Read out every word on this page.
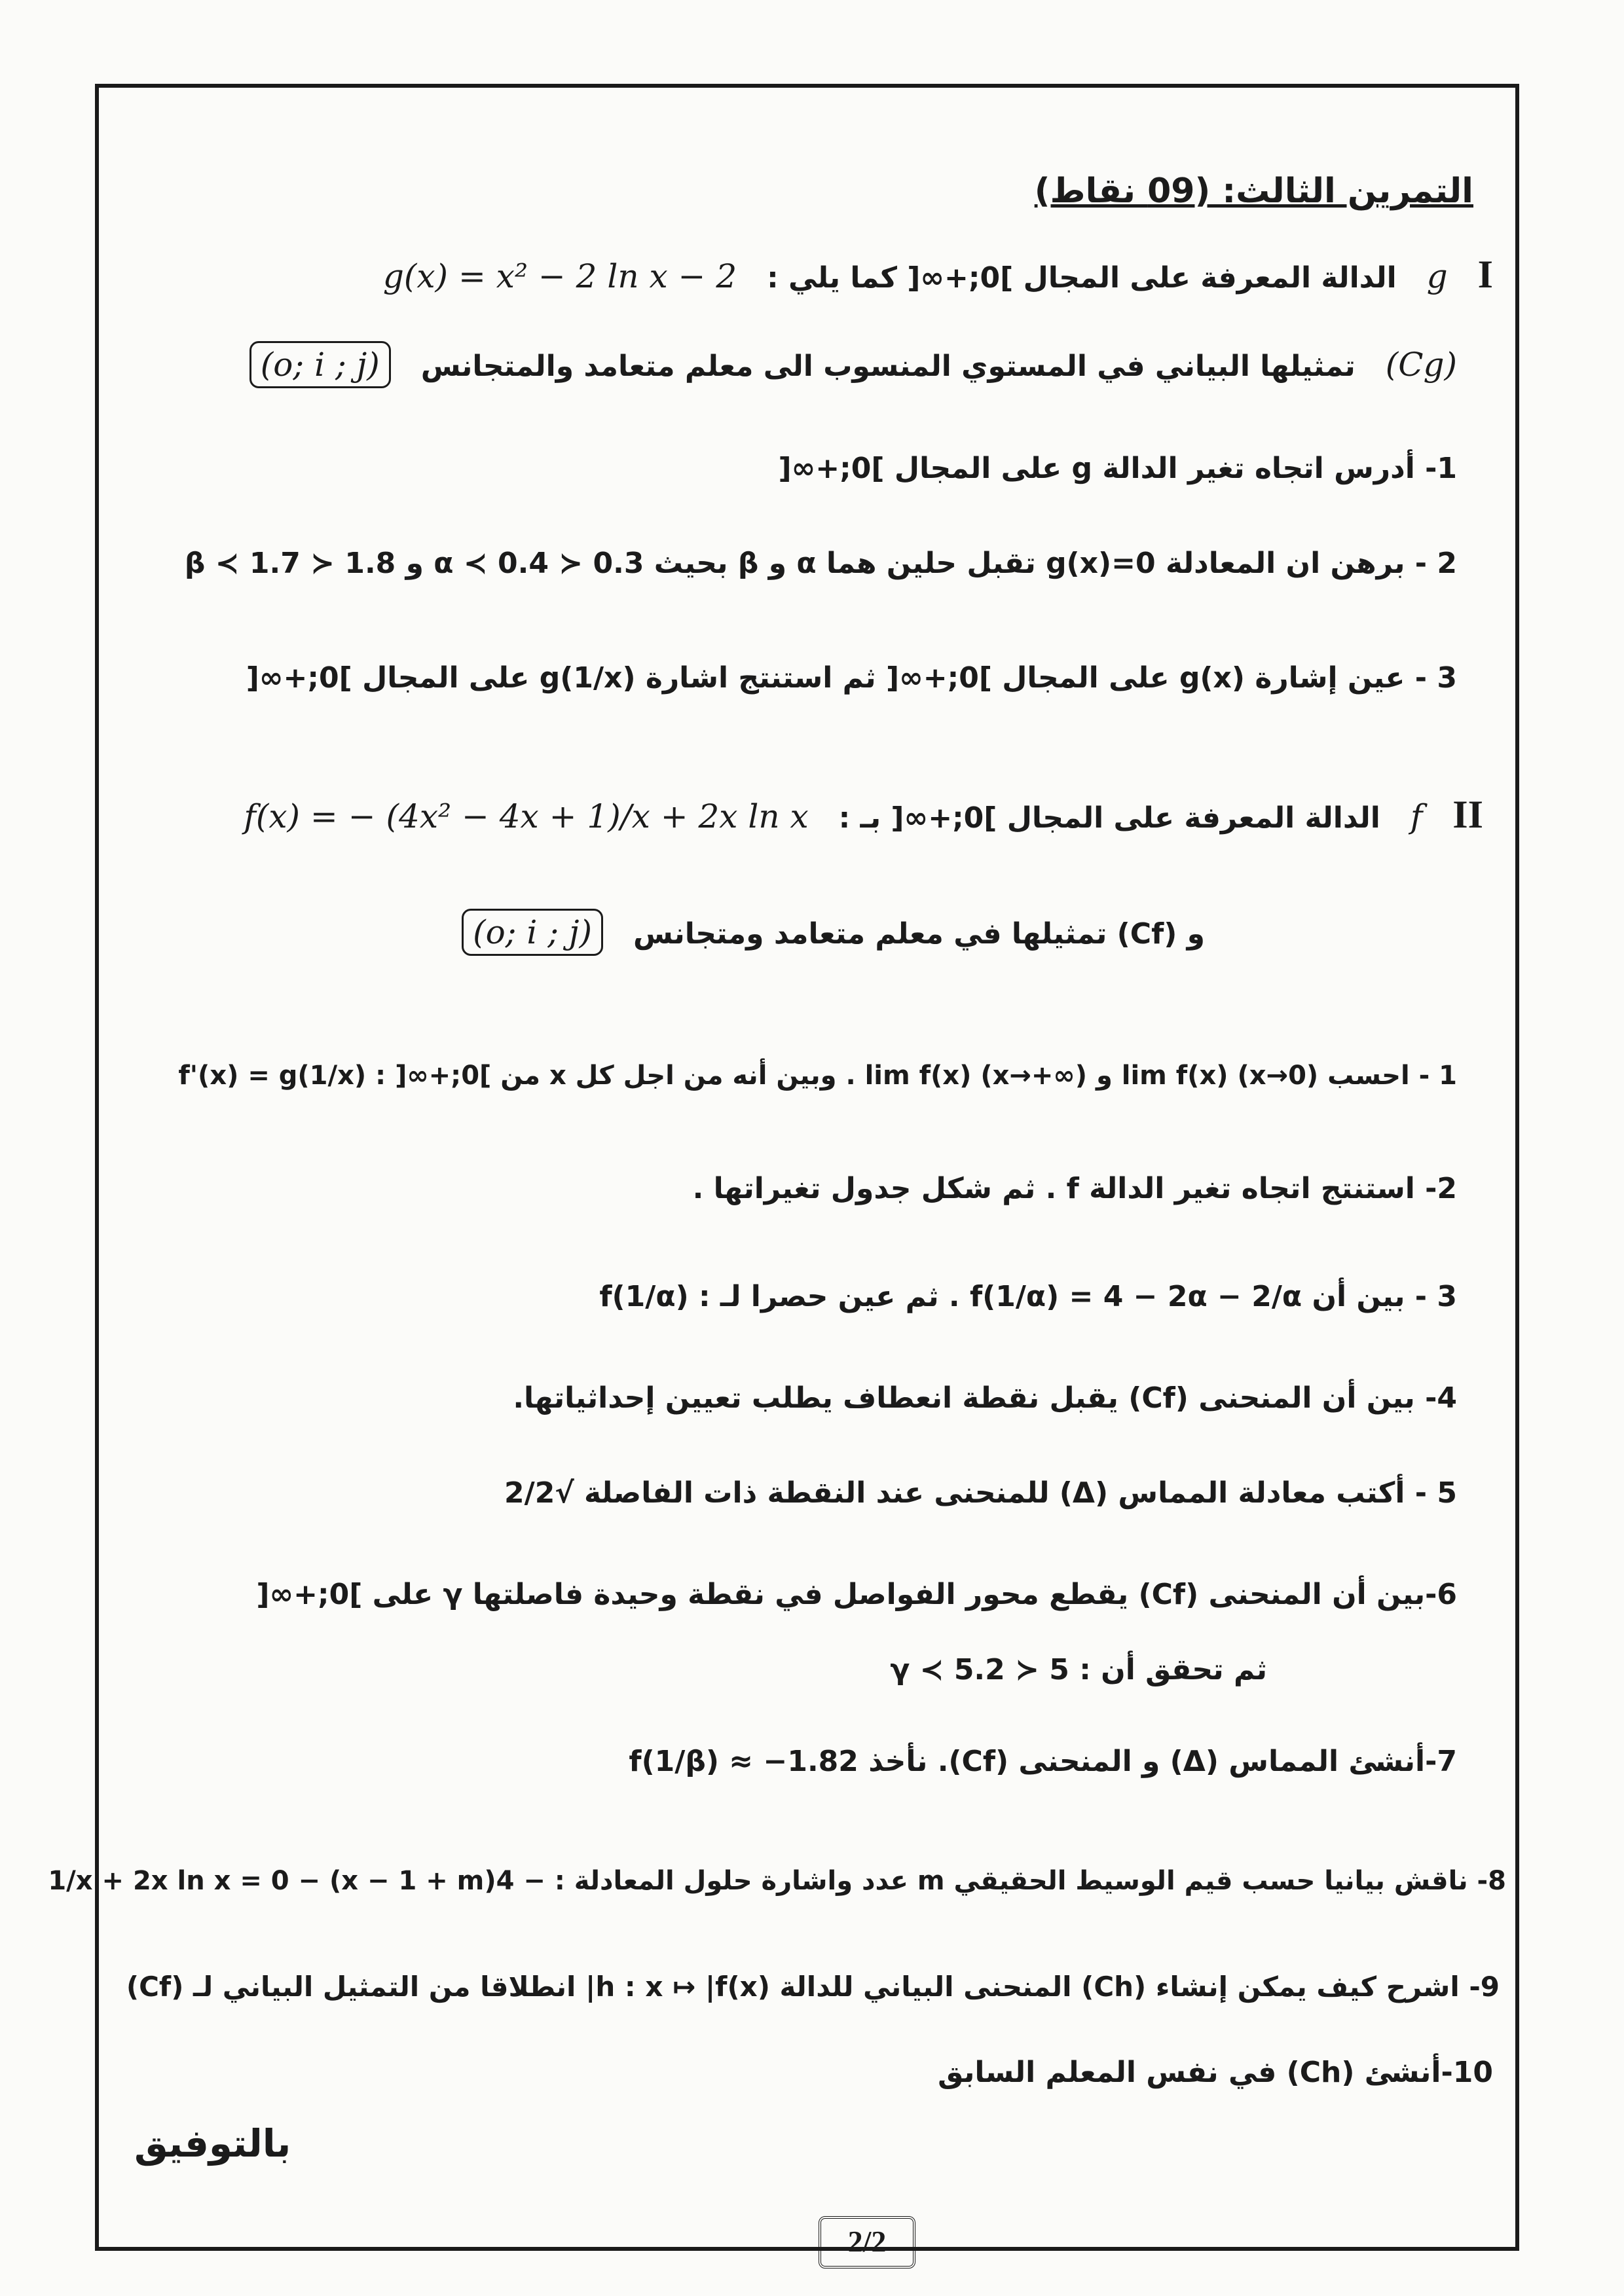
التمرين الثالث: (09 نقاط)
I   g   الدالة المعرفة على المجال ]0;+∞[ كما يلي :   g(x) = x² − 2 ln x − 2
(Cg)   تمثيلها البياني في المستوي المنسوب الى معلم متعامد والمتجانس   (o; i ; j)
1- أدرس اتجاه تغير الدالة g على المجال ]0;+∞[
2 - برهن ان المعادلة g(x)=0 تقبل حلين هما α و β بحيث 0.3 ≺ α ≺ 0.4 و 1.8 ≺ β ≺ 1.7
3 - عين إشارة g(x) على المجال ]0;+∞[ ثم استنتج اشارة g(1/x) على المجال ]0;+∞[
II   f   الدالة المعرفة على المجال ]0;+∞[ بـ :   f(x) = − (4x² − 4x + 1)/x + 2x ln x
و (Cf) تمثيلها في معلم متعامد ومتجانس   (o; i ; j)
1 - احسب lim f(x) (x→0) و lim f(x) (x→+∞) . وبين أنه من اجل كل x من ]0;+∞[ : f'(x) = g(1/x)
2- استنتج اتجاه تغير الدالة f . ثم شكل جدول تغيراتها .
3 - بين أن f(1/α) = 4 − 2α − 2/α . ثم عين حصرا لـ : f(1/α)
4- بين أن المنحنى (Cf) يقبل نقطة انعطاف يطلب تعيين إحداثياتها.
5 - أكتب معادلة المماس (Δ) للمنحنى عند النقطة ذات الفاصلة √2/2
6-بين أن المنحنى (Cf) يقطع محور الفواصل في نقطة وحيدة فاصلتها γ على ]0;+∞[
ثم تحقق أن : 5 ≺ γ ≺ 5.2
7-أنشئ المماس (Δ) و المنحنى (Cf). نأخذ f(1/β) ≈ −1.82
8- ناقش بيانيا حسب قيم الوسيط الحقيقي m عدد واشارة حلول المعادلة : − 4(x − 1 + m) − 1/x + 2x ln x = 0
9- اشرح كيف يمكن إنشاء (Ch) المنحنى البياني للدالة h : x ↦ |f(x)| انطلاقا من التمثيل البياني لـ (Cf)
10-أنشئ (Ch) في نفس المعلم السابق
بالتوفيق
2/2
